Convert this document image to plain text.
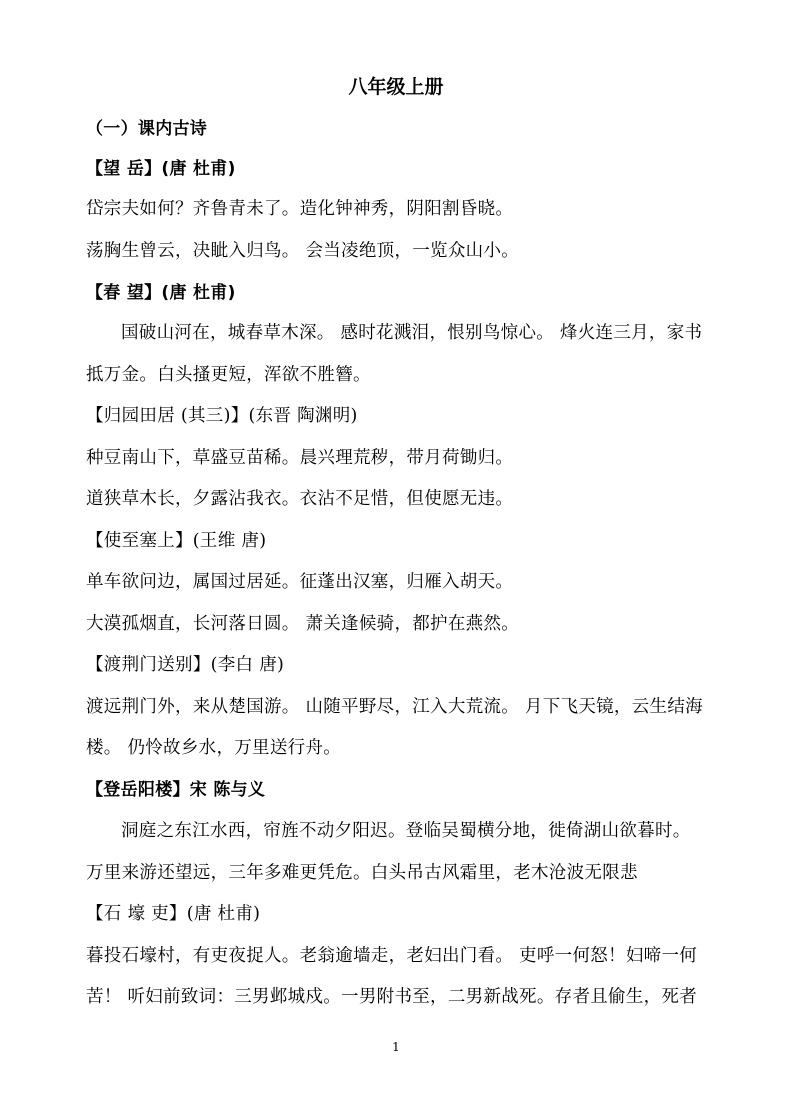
八年级上册
（一）课内古诗
【望 岳】(唐 杜甫)
岱宗夫如何？齐鲁青未了。造化钟神秀，阴阳割昏晓。
荡胸生曾云，决眦入归鸟。 会当凌绝顶，一览众山小。
【春 望】(唐 杜甫)
国破山河在，城春草木深。 感时花溅泪，恨别鸟惊心。 烽火连三月，家书
抵万金。白头搔更短，浑欲不胜簪。
【归园田居 (其三)】(东晋 陶渊明)
种豆南山下，草盛豆苗稀。晨兴理荒秽，带月荷锄归。
道狭草木长，夕露沾我衣。衣沾不足惜，但使愿无违。
【使至塞上】(王维 唐)
单车欲问边，属国过居延。征蓬出汉塞，归雁入胡天。
大漠孤烟直，长河落日圆。 萧关逢候骑，都护在燕然。
【渡荆门送别】(李白 唐)
渡远荆门外，来从楚国游。 山随平野尽，江入大荒流。 月下飞天镜，云生结海
楼。 仍怜故乡水，万里送行舟。
【登岳阳楼】宋 陈与义
洞庭之东江水西，帘旌不动夕阳迟。登临吴蜀横分地，徙倚湖山欲暮时。
万里来游还望远，三年多难更凭危。白头吊古风霜里，老木沧波无限悲
【石 壕 吏】(唐 杜甫)
暮投石壕村，有吏夜捉人。老翁逾墙走，老妇出门看。 吏呼一何怒！妇啼一何
苦！ 听妇前致词：三男邺城戍。一男附书至，二男新战死。存者且偷生，死者
1
